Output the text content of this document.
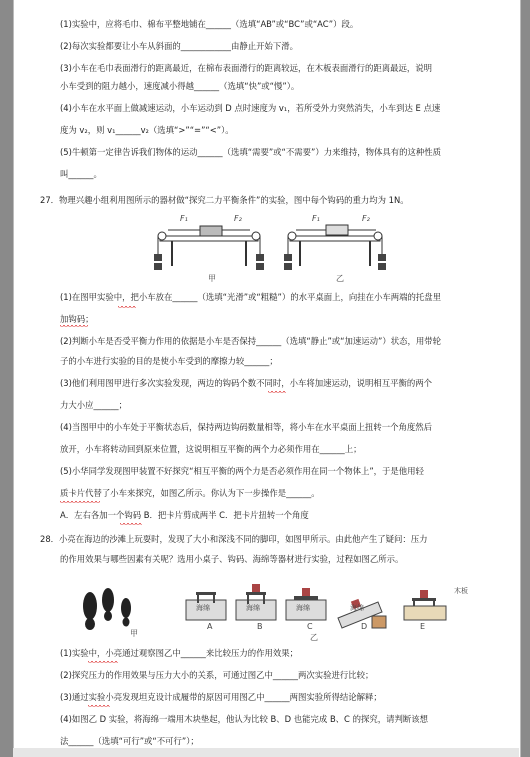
(1)实验中，应将毛巾、棉布平整地铺在______（选填“AB”或“BC”或“AC”）段。
(2)每次实验都要让小车从斜面的____________由静止开始下滑。
(3)小车在毛巾表面滑行的距离最近，在棉布表面滑行的距离较远，在木板表面滑行的距离最远，说明
小车受到的阻力越小，速度减小得越______（选填“快”或“慢”）。
(4)小车在水平面上做减速运动，小车运动到 D 点时速度为 v₁，若所受外力突然消失，小车到达 E 点速
度为 v₂，则 v₁______v₂（选填“>”“=”“<”）。
(5)牛顿第一定律告诉我们物体的运动______（选填“需要”或“不需要”）力来维持，物体具有的这种性质
叫______。
27．物理兴趣小组利用图所示的器材做“探究二力平衡条件”的实验，图中每个钩码的重力均为 1N。
F₁	F₂	F₁	F₂
甲	乙
(1)在图甲实验中，把小车放在______（选填“光滑”或“粗糙”）的水平桌面上，向挂在小车两端的托盘里
加钩码；
(2)判断小车是否受平衡力作用的依据是小车是否保持______（选填“静止”或“加速运动”）状态，用带轮
子的小车进行实验的目的是使小车受到的摩擦力较______；
(3)他们利用图甲进行多次实验发现，两边的钩码个数不同时，小车将加速运动，说明相互平衡的两个
力大小应______；
(4)当图甲中的小车处于平衡状态后，保持两边钩码数量相等，将小车在水平桌面上扭转一个角度然后
放开，小车将转动回到原来位置，这说明相互平衡的两个力必须作用在______上；
(5)小华同学发现图甲装置不好探究“相互平衡的两个力是否必须作用在同一个物体上”，于是他用轻
质卡片代替了小车来探究，如图乙所示。你认为下一步操作是______。
A．左右各加一个钩码 B．把卡片剪成两半 C．把卡片扭转一个角度
28．小亮在海边的沙滩上玩耍时，发现了大小和深浅不同的脚印，如图甲所示。由此他产生了疑问：压力
的作用效果与哪些因素有关呢？选用小桌子、钩码、海绵等器材进行实验，过程如图乙所示。
海绵	海绵	海绵	海绵
木板
A	B	C	D	E
甲	乙
(1)实验中，小亮通过观察图乙中______来比较压力的作用效果；
(2)探究压力的作用效果与压力大小的关系，可通过图乙中______两次实验进行比较；
(3)通过实验小亮发现坦克设计成履带的原因可用图乙中______两图实验所得结论解释；
(4)如图乙 D 实验，将海绵一端用木块垫起，他认为比较 B、D 也能完成 B、C 的探究，请判断该想
法______（选填“可行”或“不可行”）；
